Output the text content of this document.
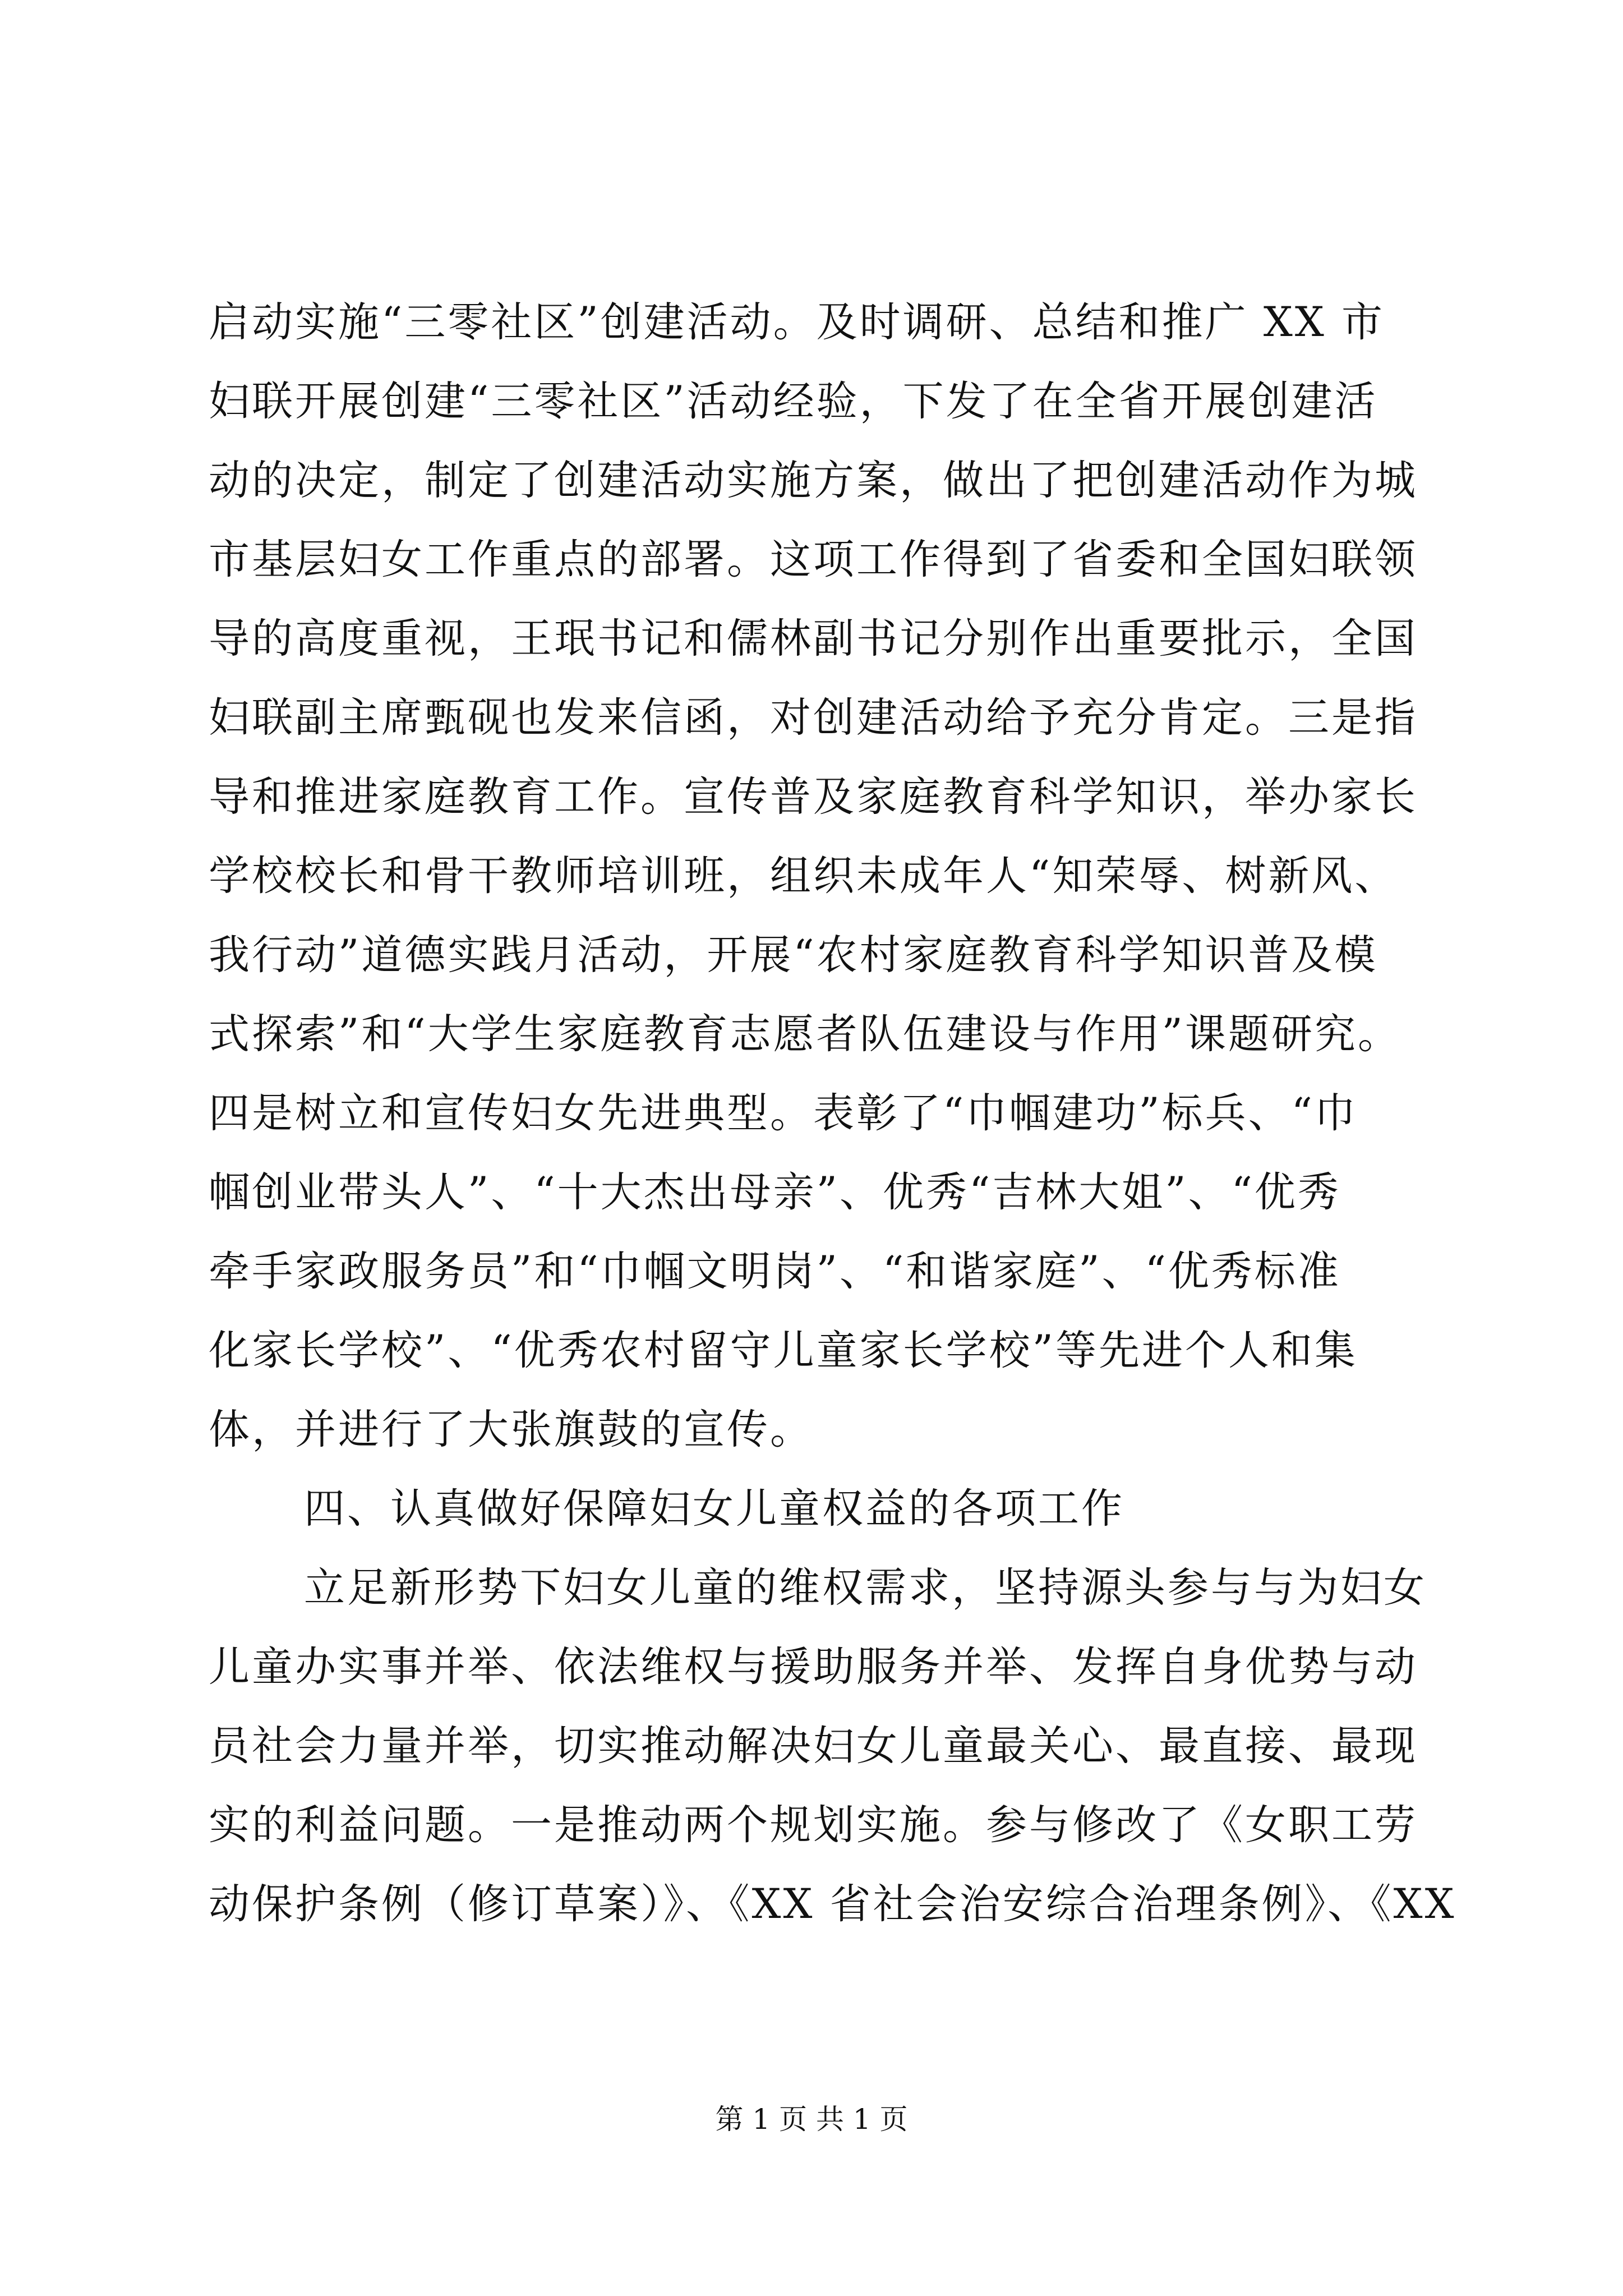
启动实施“三零社区”创建活动。及时调研、总结和推广 XX 市
妇联开展创建“三零社区”活动经验，下发了在全省开展创建活
动的决定，制定了创建活动实施方案，做出了把创建活动作为城
市基层妇女工作重点的部署。这项工作得到了省委和全国妇联领
导的高度重视，王珉书记和儒林副书记分别作出重要批示，全国
妇联副主席甄砚也发来信函，对创建活动给予充分肯定。三是指
导和推进家庭教育工作。宣传普及家庭教育科学知识，举办家长
学校校长和骨干教师培训班，组织未成年人“知荣辱、树新风、
我行动”道德实践月活动，开展“农村家庭教育科学知识普及模
式探索”和“大学生家庭教育志愿者队伍建设与作用”课题研究。
四是树立和宣传妇女先进典型。表彰了“巾帼建功”标兵、“巾
帼创业带头人”、“十大杰出母亲”、优秀“吉林大姐”、“优秀
牵手家政服务员”和“巾帼文明岗”、“和谐家庭”、“优秀标准
化家长学校”、“优秀农村留守儿童家长学校”等先进个人和集
体，并进行了大张旗鼓的宣传。
四、认真做好保障妇女儿童权益的各项工作
立足新形势下妇女儿童的维权需求，坚持源头参与与为妇女
儿童办实事并举、依法维权与援助服务并举、发挥自身优势与动
员社会力量并举，切实推动解决妇女儿童最关心、最直接、最现
实的利益问题。一是推动两个规划实施。参与修改了《女职工劳
动保护条例（修订草案）》、《XX 省社会治安综合治理条例》、《XX
第 1 页 共 1 页
